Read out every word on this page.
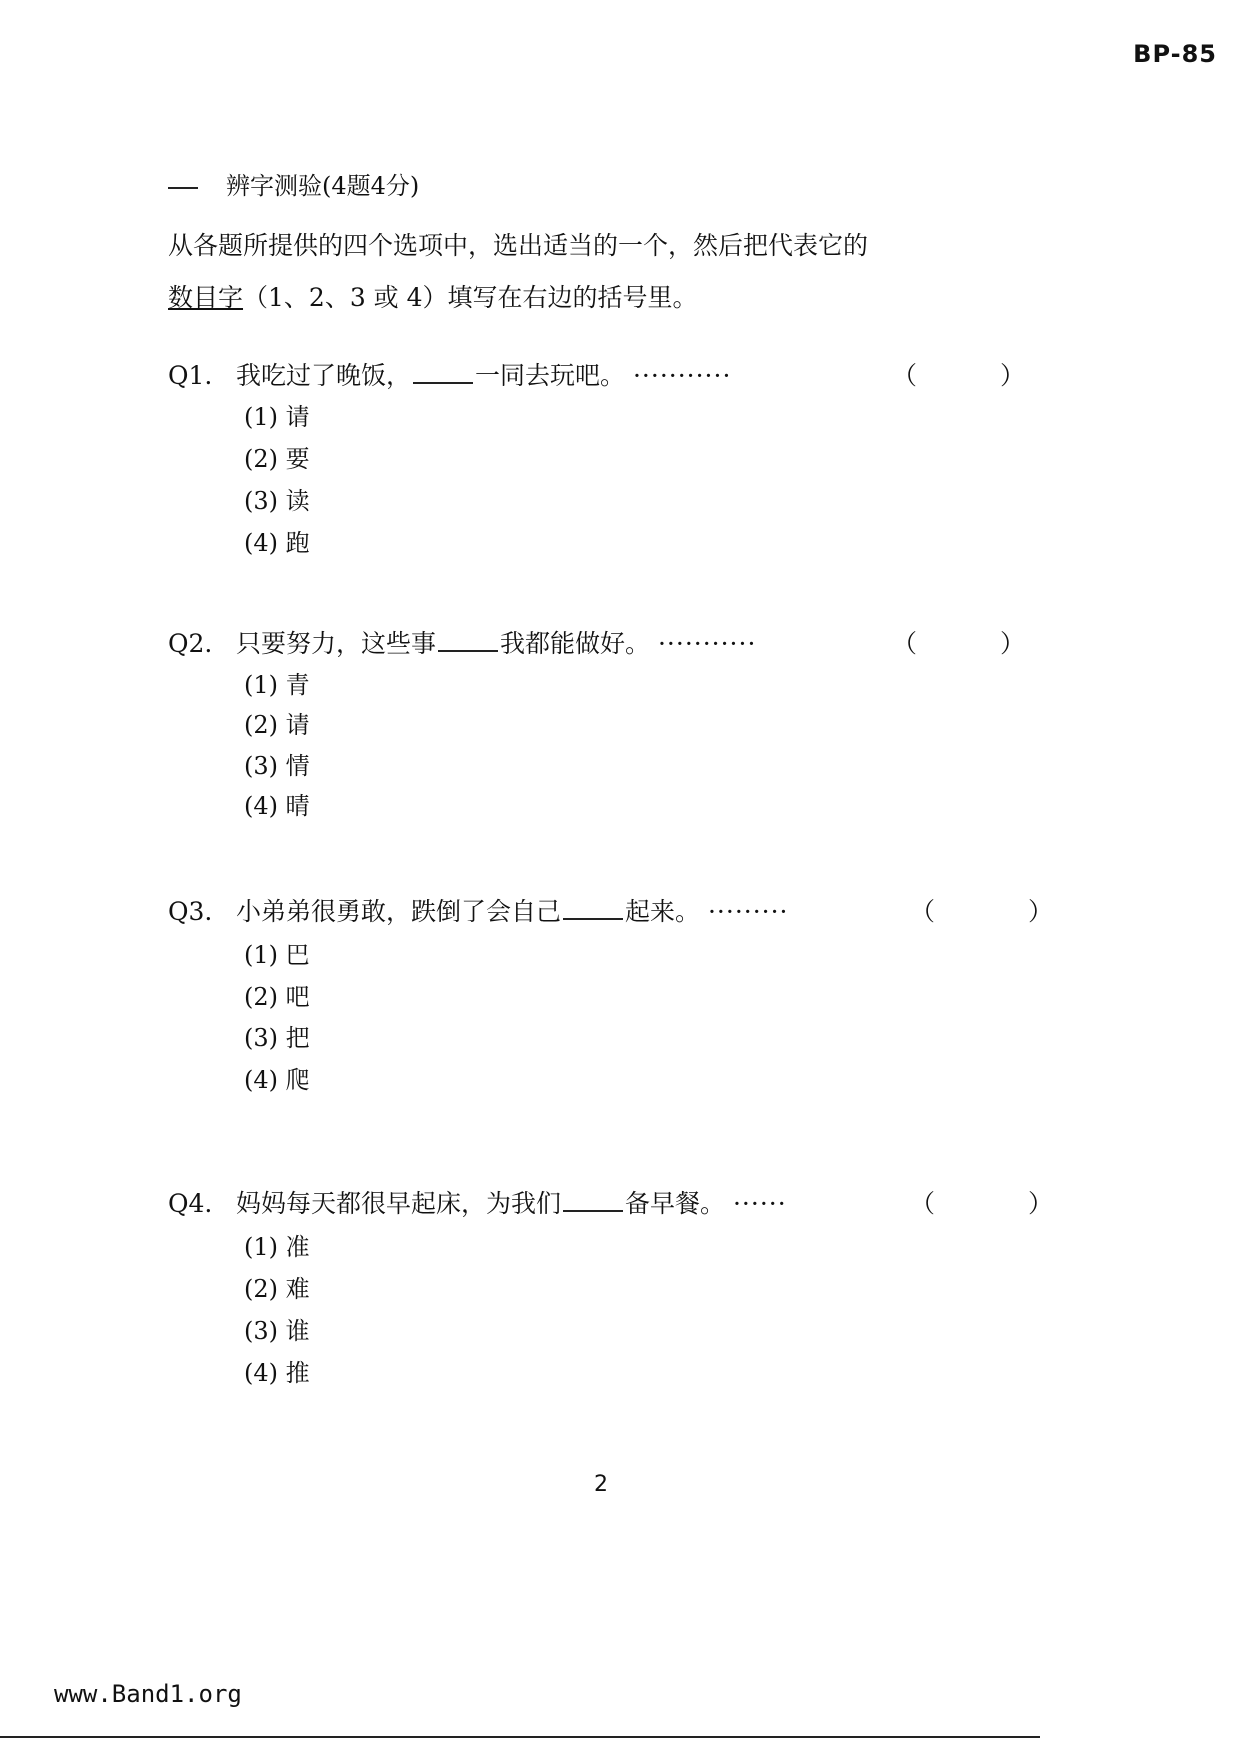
BP-85
辨字测验(4题4分)
从各题所提供的四个选项中，选出适当的一个，然后把代表它的
数目字（1、2、3 或 4）填写在右边的括号里。
Q1. 我吃过了晚饭，	一同去玩吧。 ···········	（	）
(1) 请
(2) 要
(3) 读
(4) 跑
Q2. 只要努力，这些事	我都能做好。 ···········	（	）
(1) 青
(2) 请
(3) 情
(4) 晴
Q3. 小弟弟很勇敢，跌倒了会自己	起来。 ·········	（	）
(1) 巴
(2) 吧
(3) 把
(4) 爬
Q4. 妈妈每天都很早起床，为我们	备早餐。 ······	（	）
(1) 准
(2) 难
(3) 谁
(4) 推
2
www.Band1.org
